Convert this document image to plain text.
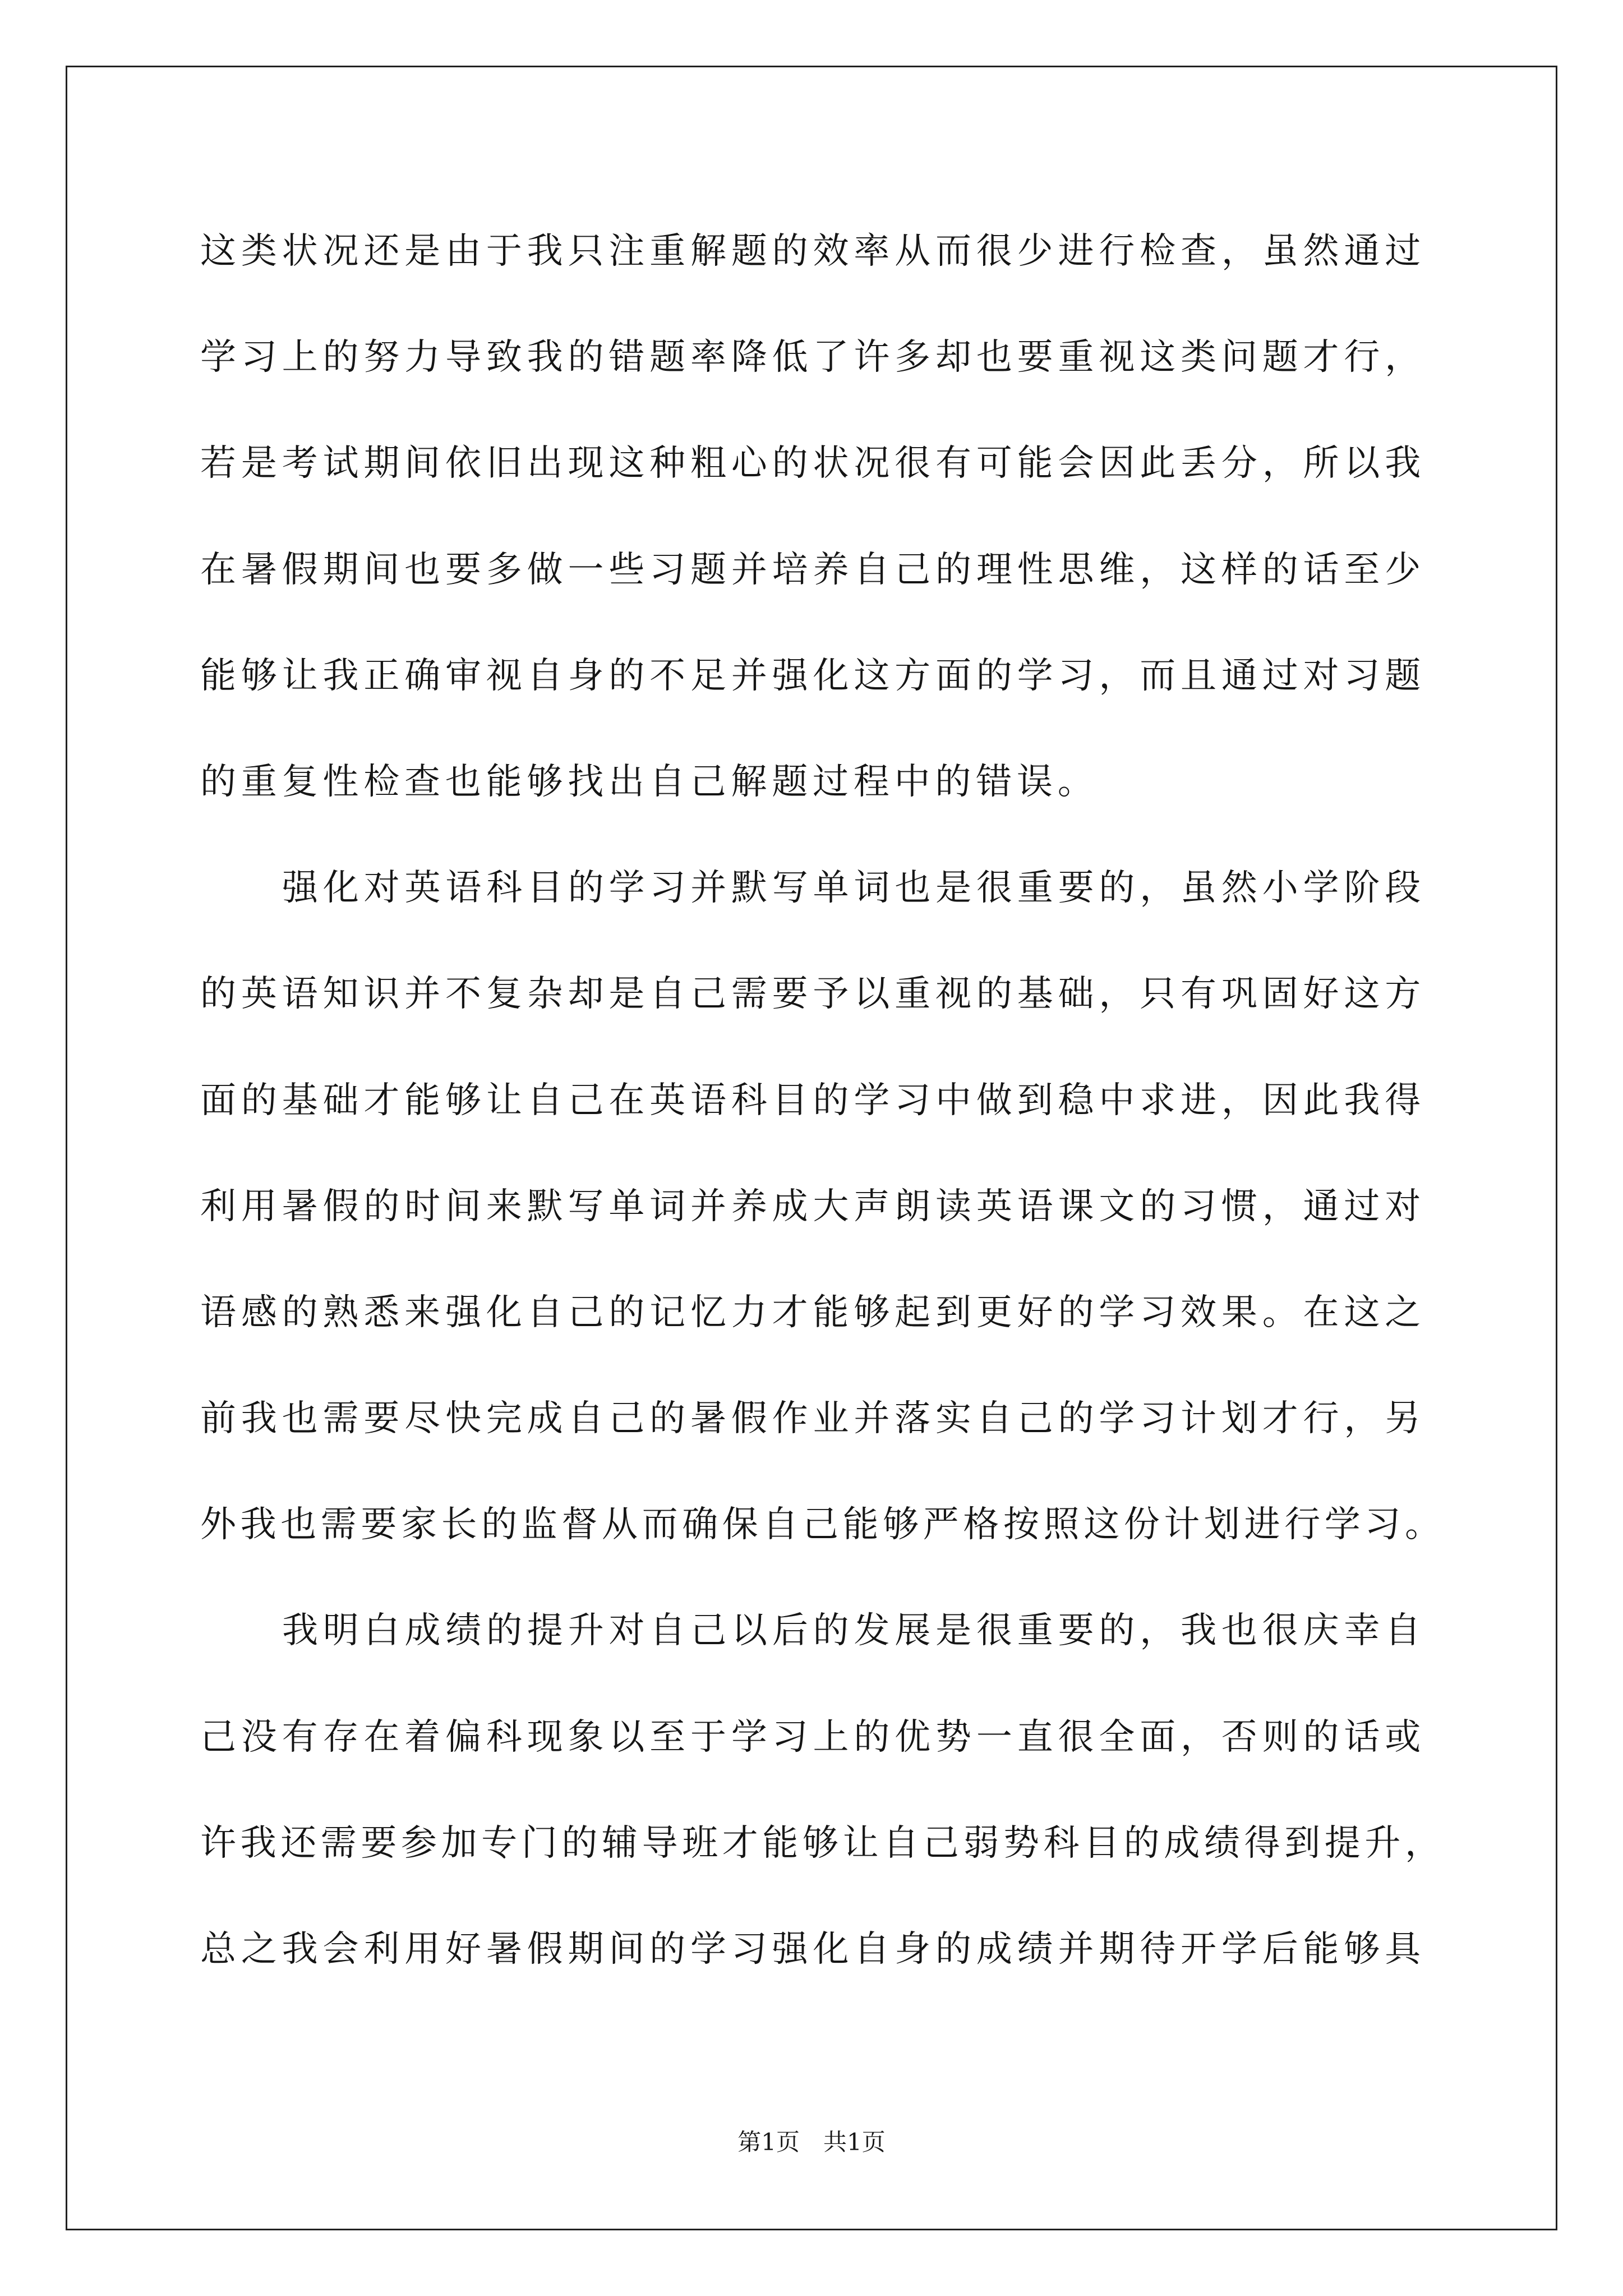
这类状况还是由于我只注重解题的效率从而很少进行检查，虽然通过
学习上的努力导致我的错题率降低了许多却也要重视这类问题才行，
若是考试期间依旧出现这种粗心的状况很有可能会因此丢分，所以我
在暑假期间也要多做一些习题并培养自己的理性思维，这样的话至少
能够让我正确审视自身的不足并强化这方面的学习，而且通过对习题
的重复性检查也能够找出自己解题过程中的错误。
强化对英语科目的学习并默写单词也是很重要的，虽然小学阶段
的英语知识并不复杂却是自己需要予以重视的基础，只有巩固好这方
面的基础才能够让自己在英语科目的学习中做到稳中求进，因此我得
利用暑假的时间来默写单词并养成大声朗读英语课文的习惯，通过对
语感的熟悉来强化自己的记忆力才能够起到更好的学习效果。在这之
前我也需要尽快完成自己的暑假作业并落实自己的学习计划才行，另
外我也需要家长的监督从而确保自己能够严格按照这份计划进行学习。
我明白成绩的提升对自己以后的发展是很重要的，我也很庆幸自
己没有存在着偏科现象以至于学习上的优势一直很全面，否则的话或
许我还需要参加专门的辅导班才能够让自己弱势科目的成绩得到提升，
总之我会利用好暑假期间的学习强化自身的成绩并期待开学后能够具
第1页　共1页
